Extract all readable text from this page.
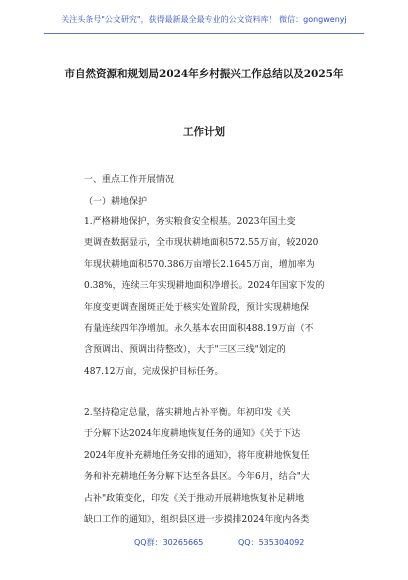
关注头条号"公文研究"，获得最新最全最专业的公文资料库！ 微信：gongwenyj
市自然资源和规划局2024年乡村振兴工作总结以及2025年
工作计划
一、重点工作开展情况
（一）耕地保护
1.严格耕地保护，务实粮食安全根基。2023年国土变
更调查数据显示，全市现状耕地面积572.55万亩，较2020
年现状耕地面积570.386万亩增长2.1645万亩，增加率为
0.38%，连续三年实现耕地面积净增长。2024年国家下发的
年度变更调查图斑正处于核实处置阶段，预计实现耕地保
有量连续四年净增加。永久基本农田面积488.19万亩（不
含预调出、预调出待整改），大于"三区三线"划定的
487.12万亩，完成保护目标任务。
2.坚持稳定总量，落实耕地占补平衡。年初印发《关
于分解下达2024年度耕地恢复任务的通知》《关于下达
2024年度补充耕地任务安排的通知》，将年度耕地恢复任
务和补充耕地任务分解下达至各县区。今年6月，结合"大
占补"政策变化，印发《关于推动开展耕地恢复补足耕地
缺口工作的通知》，组织县区进一步摸排2024年度内各类
QQ群：30265665	QQ：535304092
